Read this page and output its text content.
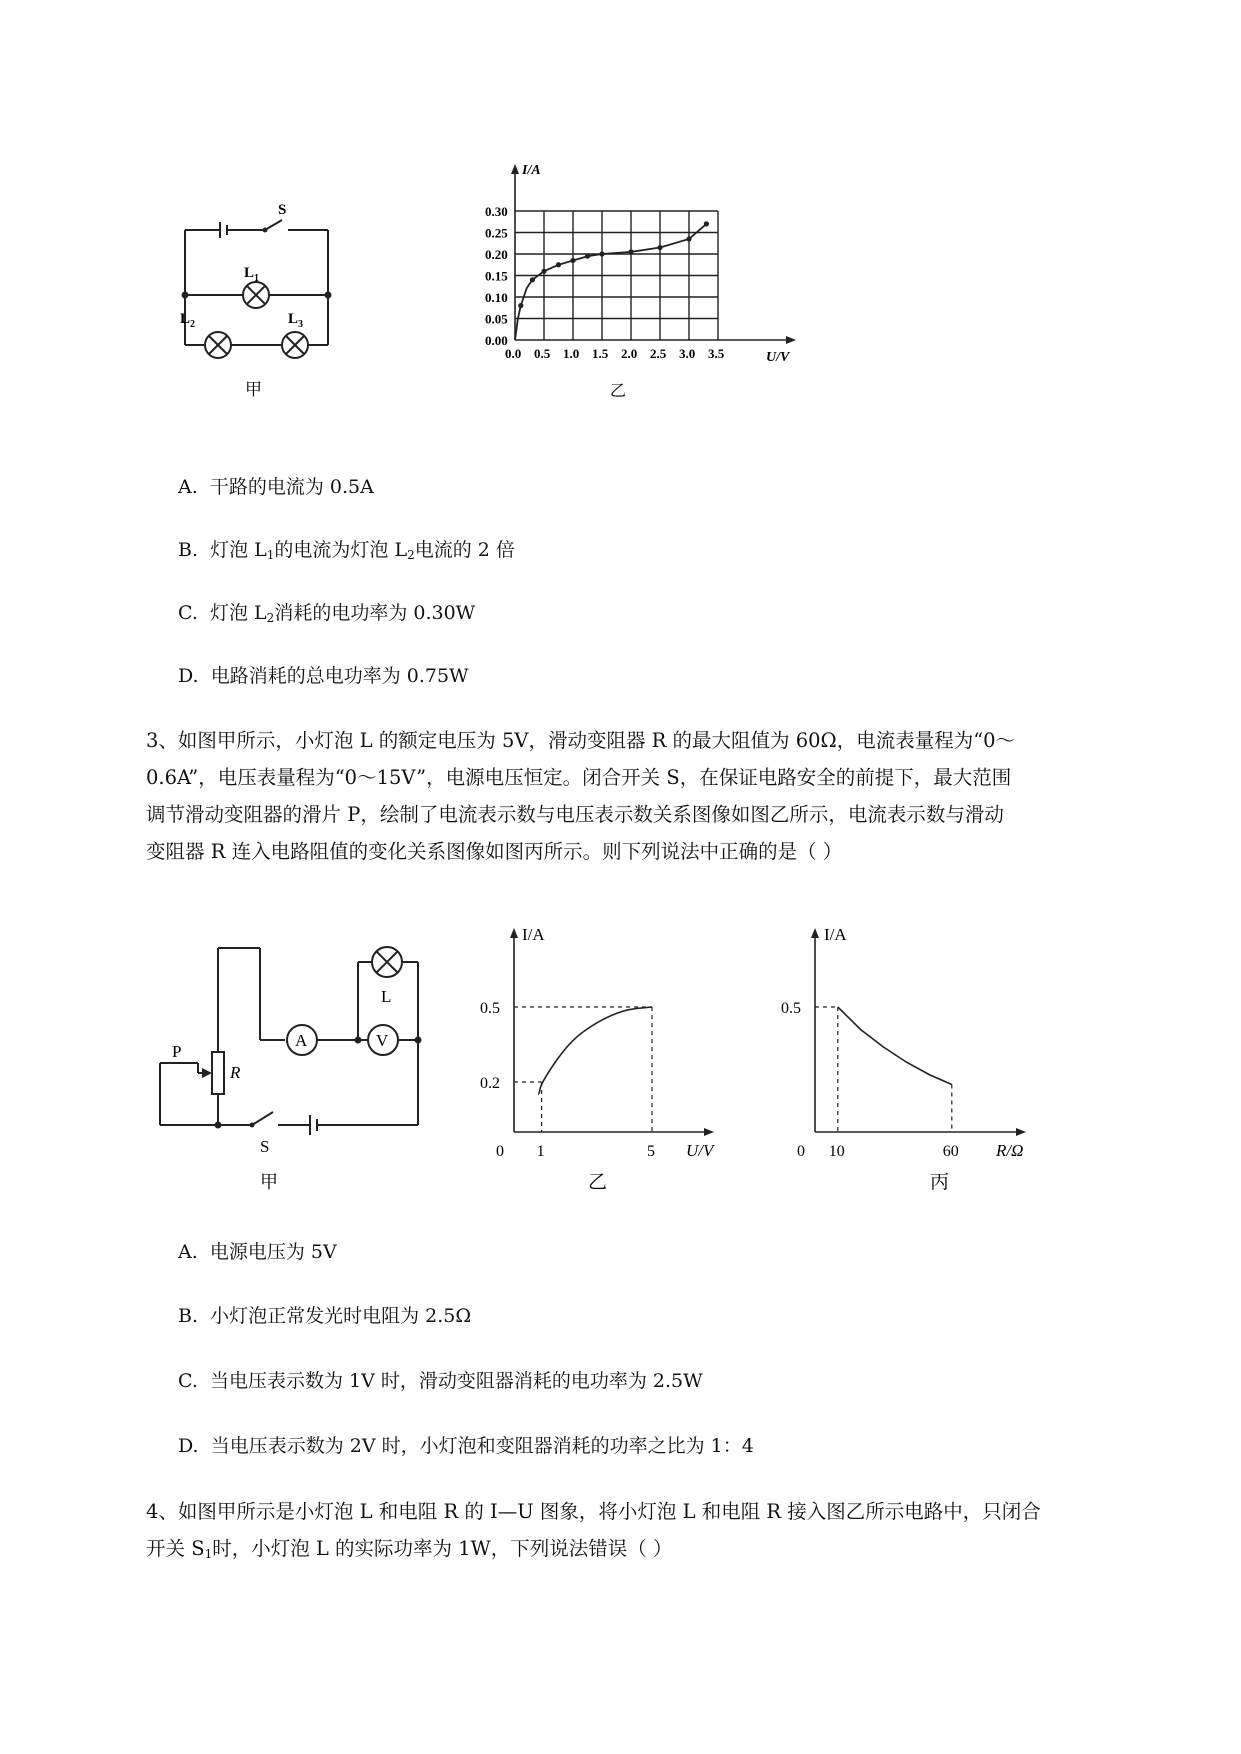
S
$L_1$
$L_2$	$L_3$
甲
0.00
0.05
0.10
0.15
0.20
0.25
0.30
0.0 0.5 1.0 1.5 2.0 2.5 3.0 3.5
I/A
U/V
乙
A. 干路的电流为 0.5A
B. 灯泡 $L_1$的电流为灯泡 $L_2$电流的 2 倍
C. 灯泡 $L_2$消耗的电功率为 0.30W
D. 电路消耗的总电功率为 0.75W
3、如图甲所示，小灯泡 L 的额定电压为 5V，滑动变阻器 R 的最大阻值为 60Ω，电流表量程为“0～
0.6A”，电压表量程为“0～15V”，电源电压恒定。闭合开关 S，在保证电路安全的前提下，最大范围
调节滑动变阻器的滑片 P，绘制了电流表示数与电压表示数关系图像如图乙所示，电流表示数与滑动
变阻器 R 连入电路阻值的变化关系图像如图丙所示。则下列说法中正确的是（ ）
A	V
L
P
R
S
甲
0.5
0.2
0 1	5
I/A
U/V
乙
0.5
0 10	60
I/A
R/Ω
丙
A. 电源电压为 5V
B. 小灯泡正常发光时电阻为 2.5Ω
C. 当电压表示数为 1V 时，滑动变阻器消耗的电功率为 2.5W
D. 当电压表示数为 2V 时，小灯泡和变阻器消耗的功率之比为 1：4
4、如图甲所示是小灯泡 L 和电阻 R 的 I—U 图象，将小灯泡 L 和电阻 R 接入图乙所示电路中，只闭合
开关 $S_1$时，小灯泡 L 的实际功率为 1W，下列说法错误（ ）
